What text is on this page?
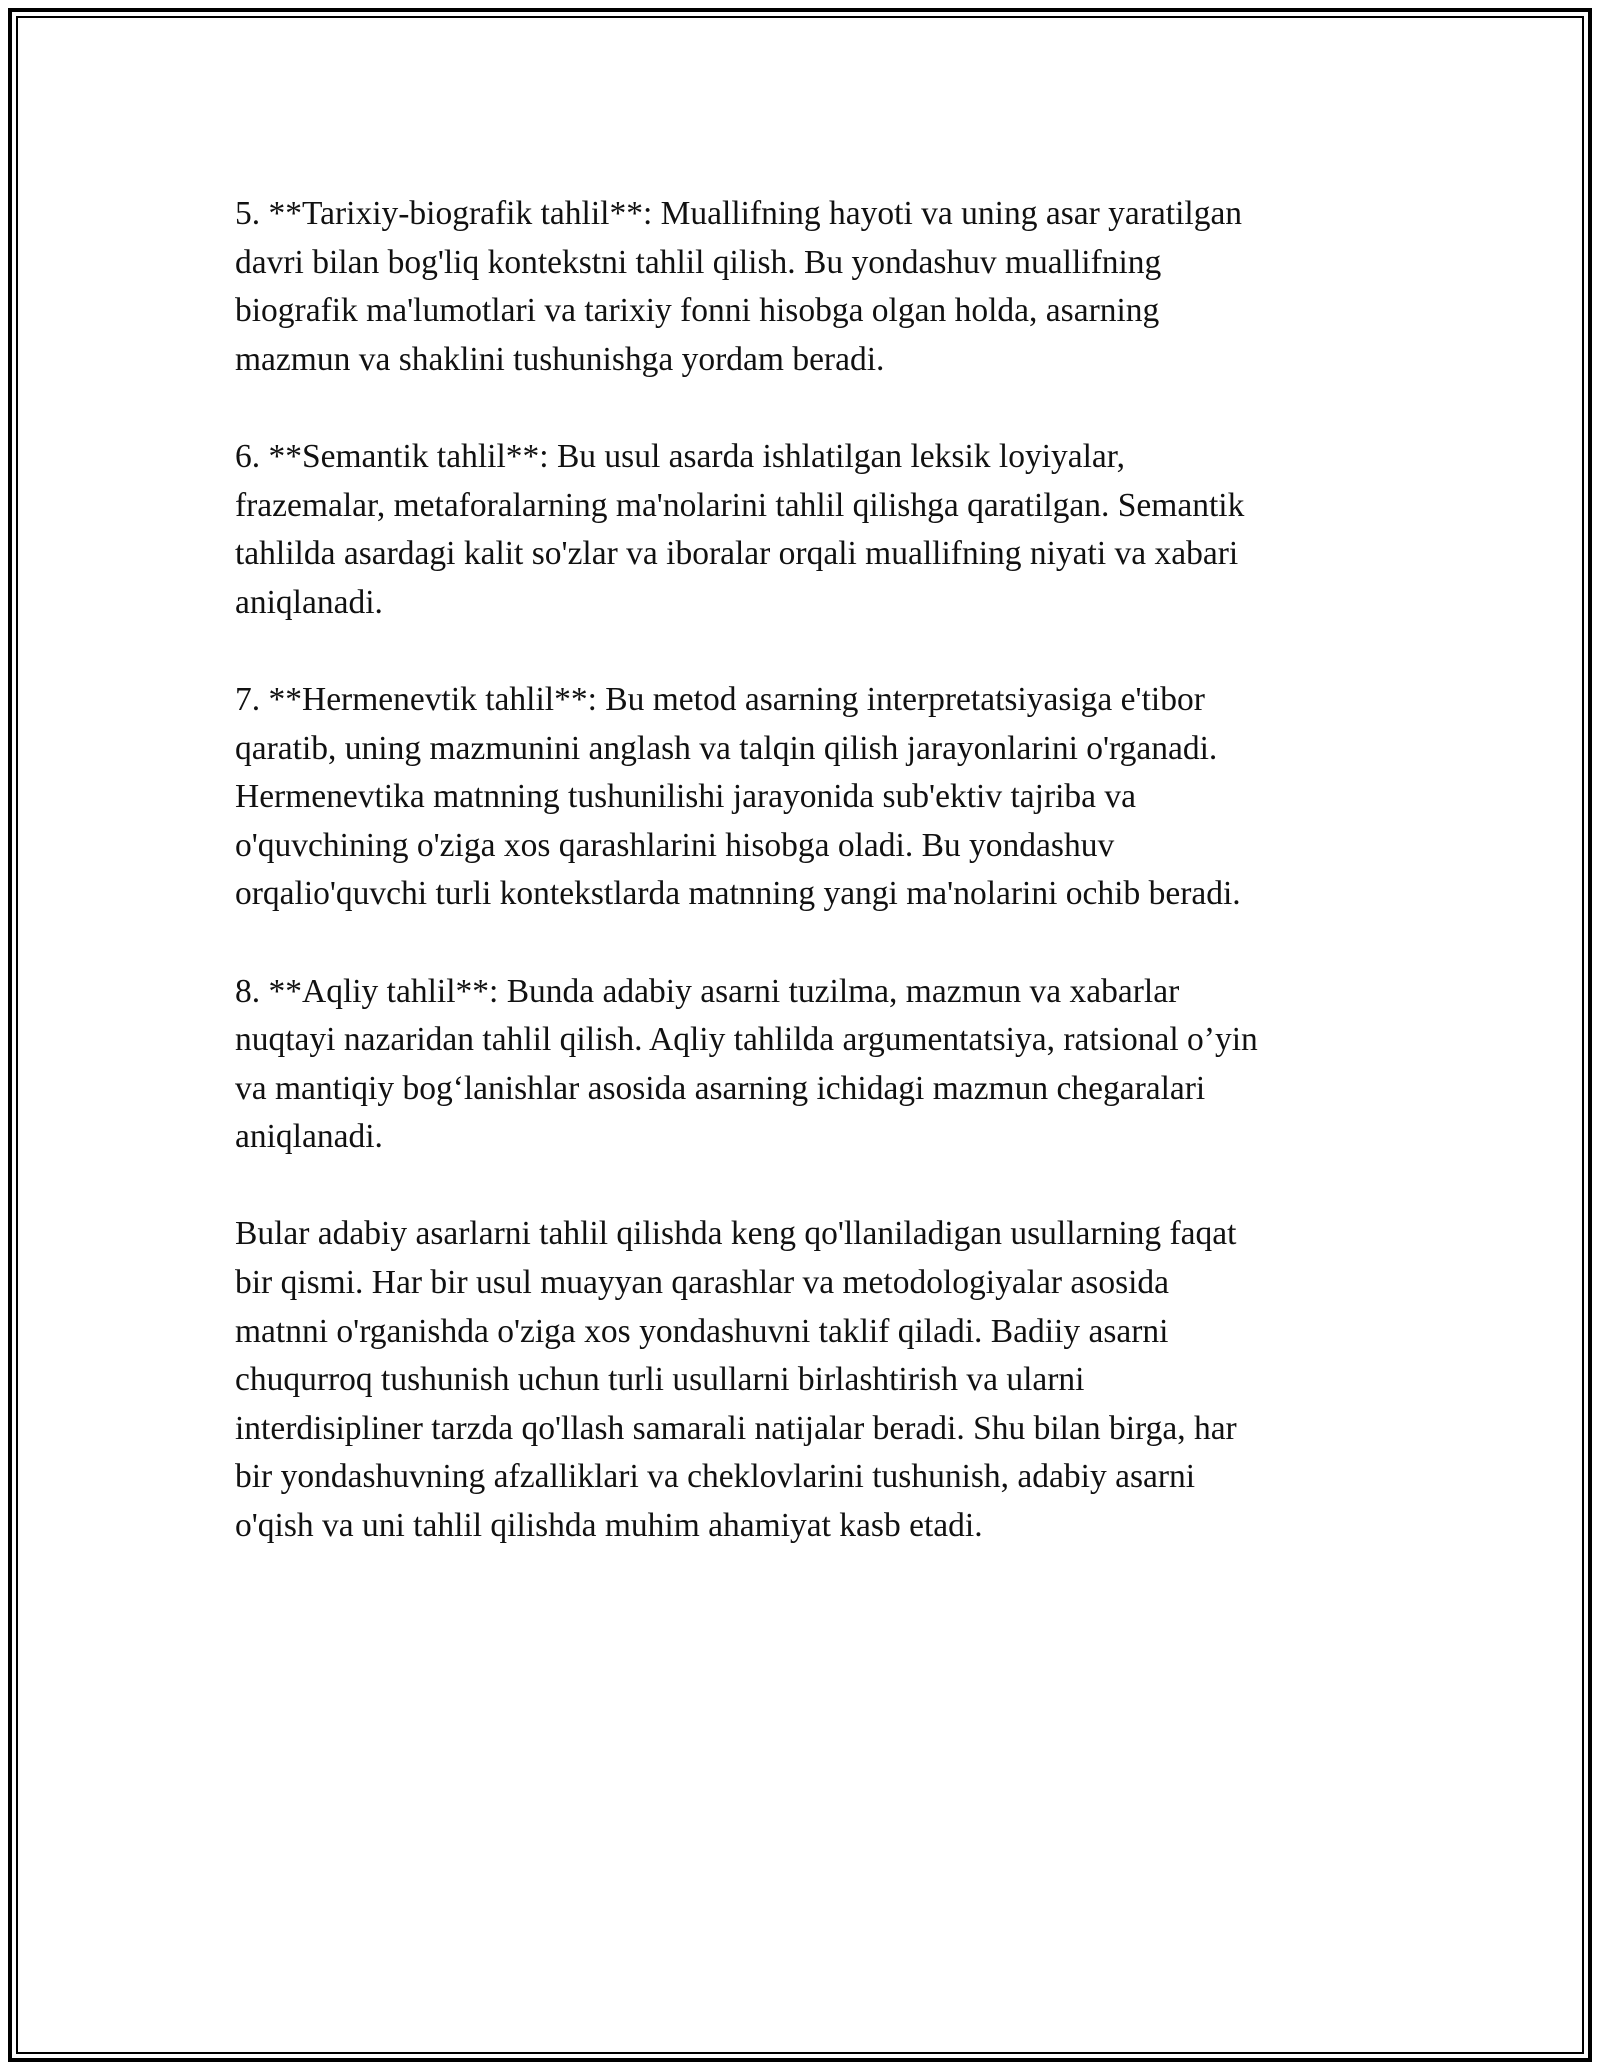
5. **Tarixiy-biografik tahlil**: Muallifning hayoti va uning asar yaratilgan
davri bilan bog'liq kontekstni tahlil qilish. Bu yondashuv muallifning
biografik ma'lumotlari va tarixiy fonni hisobga olgan holda, asarning
mazmun va shaklini tushunishga yordam beradi.

6. **Semantik tahlil**: Bu usul asarda ishlatilgan leksik loyiyalar,
frazemalar, metaforalarning ma'nolarini tahlil qilishga qaratilgan. Semantik
tahlilda asardagi kalit so'zlar va iboralar orqali muallifning niyati va xabari
aniqlanadi.

7. **Hermenevtik tahlil**: Bu metod asarning interpretatsiyasiga e'tibor
qaratib, uning mazmunini anglash va talqin qilish jarayonlarini o'rganadi.
Hermenevtika matnning tushunilishi jarayonida sub'ektiv tajriba va
o'quvchining o'ziga xos qarashlarini hisobga oladi. Bu yondashuv
orqalio'quvchi turli kontekstlarda matnning yangi ma'nolarini ochib beradi.

8. **Aqliy tahlil**: Bunda adabiy asarni tuzilma, mazmun va xabarlar
nuqtayi nazaridan tahlil qilish. Aqliy tahlilda argumentatsiya, ratsional o’yin
va mantiqiy bog‘lanishlar asosida asarning ichidagi mazmun chegaralari
aniqlanadi.

Bular adabiy asarlarni tahlil qilishda keng qo'llaniladigan usullarning faqat
bir qismi. Har bir usul muayyan qarashlar va metodologiyalar asosida
matnni o'rganishda o'ziga xos yondashuvni taklif qiladi. Badiiy asarni
chuqurroq tushunish uchun turli usullarni birlashtirish va ularni
interdisipliner tarzda qo'llash samarali natijalar beradi. Shu bilan birga, har
bir yondashuvning afzalliklari va cheklovlarini tushunish, adabiy asarni
o'qish va uni tahlil qilishda muhim ahamiyat kasb etadi.
